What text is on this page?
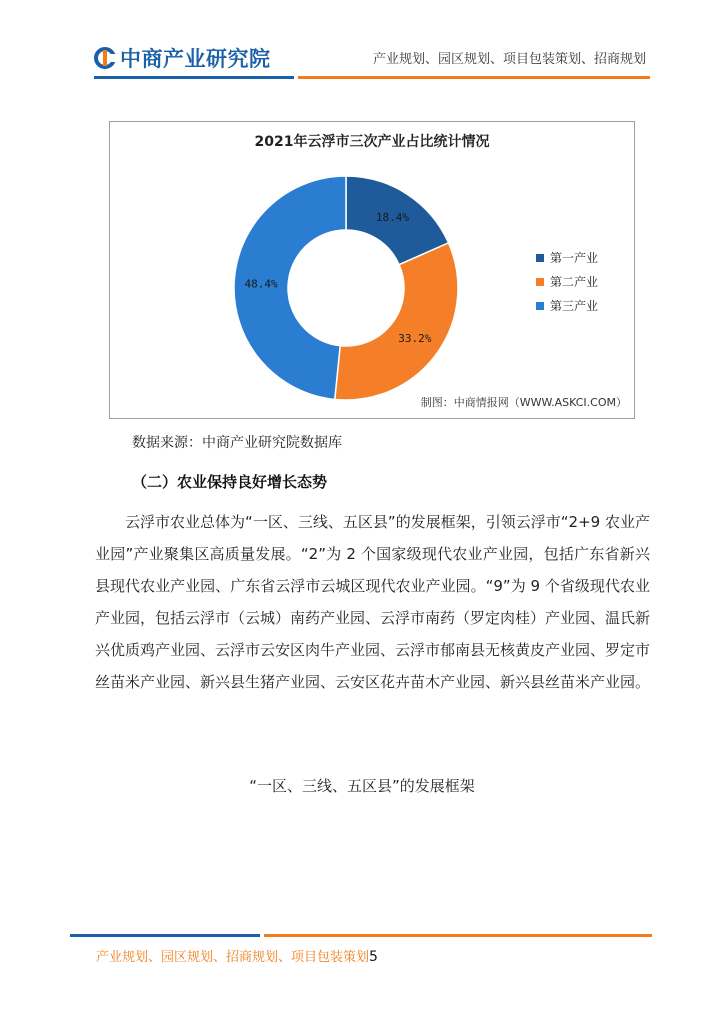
中商产业研究院	产业规划、园区规划、项目包装策划、招商规划
2021年云浮市三次产业占比统计情况
18.4%
33.2%
48.4%
第一产业
第二产业
第三产业
制图：中商情报网（WWW.ASKCI.COM）
数据来源：中商产业研究院数据库
（二）农业保持良好增长态势
云浮市农业总体为“一区、三线、五区县”的发展框架，引领云浮市“2+9 农业产业园”产业聚集区高质量发展。“2”为 2 个国家级现代农业产业园，包括广东省新兴县现代农业产业园、广东省云浮市云城区现代农业产业园。“9”为 9 个省级现代农业产业园，包括云浮市（云城）南药产业园、云浮市南药（罗定肉桂）产业园、温氏新兴优质鸡产业园、云浮市云安区肉牛产业园、云浮市郁南县无核黄皮产业园、罗定市丝苗米产业园、新兴县生猪产业园、云安区花卉苗木产业园、新兴县丝苗米产业园。
“一区、三线、五区县”的发展框架
产业规划、园区规划、招商规划、项目包装策划5
